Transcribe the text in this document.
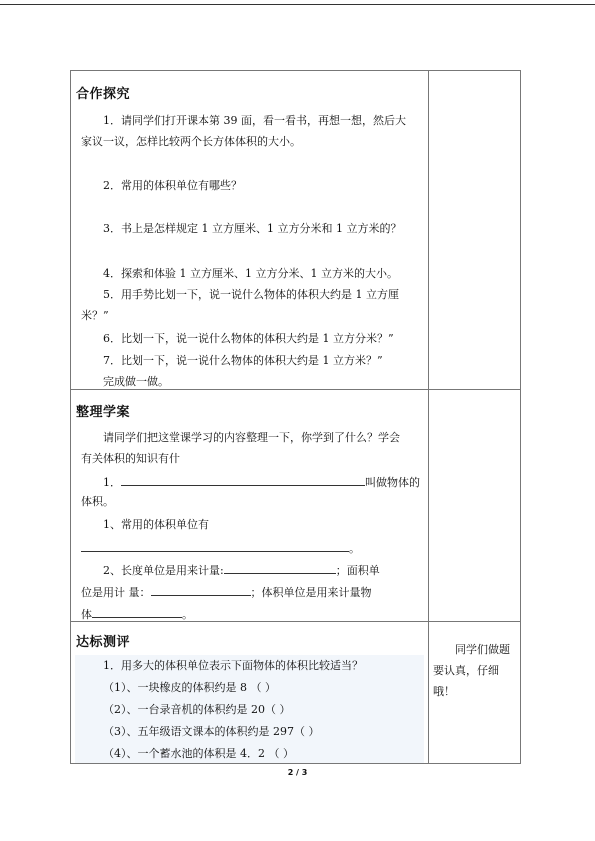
合作探究
1．请同学们打开课本第 39 面，看一看书，再想一想，然后大
家议一议，怎样比较两个长方体体积的大小。
2．常用的体积单位有哪些？
3．书上是怎样规定 1 立方厘米、1 立方分米和 1 立方米的？
4．探索和体验 1 立方厘米、1 立方分米、1 立方米的大小。
5．用手势比划一下，说一说什么物体的体积大约是 1 立方厘
米？”
6．比划一下，说一说什么物体的体积大约是 1 立方分米？”
7．比划一下，说一说什么物体的体积大约是 1 立方米？”
完成做一做。
整理学案
请同学们把这堂课学习的内容整理一下，你学到了什么？学会
有关体积的知识有什
1．	叫做物体的
体积。
1、常用的体积单位有
。
2、长度单位是用来计量:	；面积单
位是用计 量：	；体积单位是用来计量物
体	。
达标测评
1．用多大的体积单位表示下面物体的体积比较适当？
（1）、一块橡皮的体积约是 8 （ ）
（2）、一台录音机的体积约是 20（ ）
（3）、五年级语文课本的体积约是 297（ ）
（4）、一个蓄水池的体积是 4．2 （ ）
同学们做题
要认真，仔细
哦！
2 / 3
